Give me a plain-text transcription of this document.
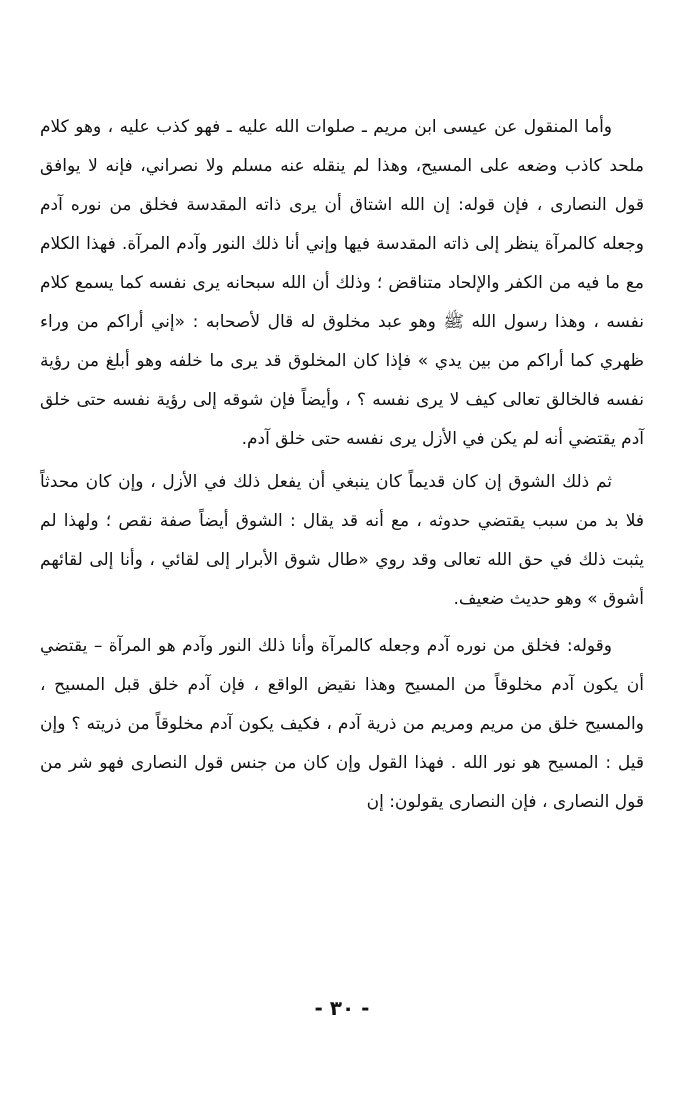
وأما المنقول عن عيسى ابن مريم ـ صلوات الله عليه ـ فهو كذب عليه ، وهو كلام ملحد كاذب وضعه على المسيح، وهذا لم ينقله عنه مسلم ولا نصراني، فإنه لا يوافق قول النصارى ، فإن قوله: إن الله اشتاق أن يرى ذاته المقدسة فخلق من نوره آدم وجعله كالمرآة ينظر إلى ذاته المقدسة فيها وإني أنا ذلك النور وآدم المرآة. فهذا الكلام مع ما فيه من الكفر والإلحاد متناقض ؛ وذلك أن الله سبحانه يرى نفسه كما يسمع كلام نفسه ، وهذا رسول الله ﷺ وهو عبد مخلوق له قال لأصحابه : «إني أراكم من وراء ظهري كما أراكم من بين يدي » فإذا كان المخلوق قد يرى ما خلفه وهو أبلغ من رؤية نفسه فالخالق تعالى كيف لا يرى نفسه ؟ ، وأيضاً فإن شوقه إلى رؤية نفسه حتى خلق آدم يقتضي أنه لم يكن في الأزل يرى نفسه حتى خلق آدم.

ثم ذلك الشوق إن كان قديماً كان ينبغي أن يفعل ذلك في الأزل ، وإن كان محدثاً فلا بد من سبب يقتضي حدوثه ، مع أنه قد يقال : الشوق أيضاً صفة نقص ؛ ولهذا لم يثبت ذلك في حق الله تعالى وقد روي «طال شوق الأبرار إلى لقائي ، وأنا إلى لقائهم أشوق » وهو حديث ضعيف.

وقوله: فخلق من نوره آدم وجعله كالمرآة وأنا ذلك النور وآدم هو المرآة – يقتضي أن يكون آدم مخلوقاً من المسيح وهذا نقيض الواقع ، فإن آدم خلق قبل المسيح ، والمسيح خلق من مريم ومريم من ذرية آدم ، فكيف يكون آدم مخلوقاً من ذريته ؟ وإن قيل : المسيح هو نور الله . فهذا القول وإن كان من جنس قول النصارى فهو شر من قول النصارى ، فإن النصارى يقولون: إن

- ٣٠ -
